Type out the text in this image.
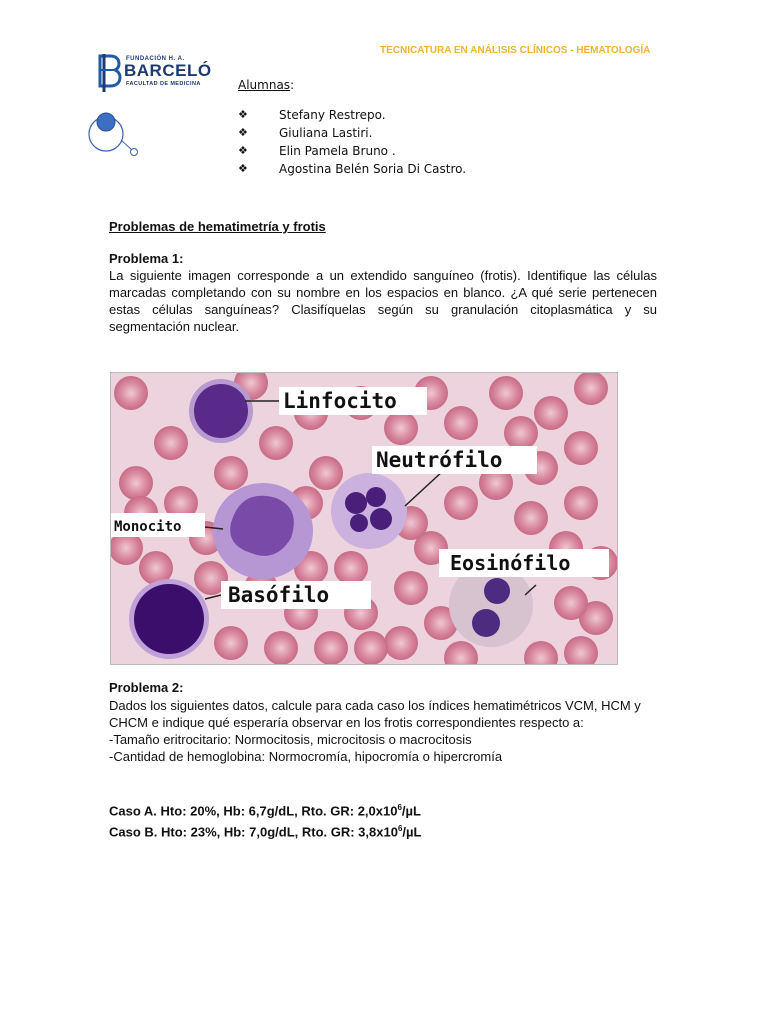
TECNICATURA EN ANÁLISIS CLÍNICOS - HEMATOLOGÍA
FUNDACIÓN H. A.
BARCELÓ
FACULTAD DE MEDICINA	Alumnas:
❖	Stefany Restrepo.
❖	Giuliana Lastiri.
❖	Elin Pamela Bruno .
❖	Agostina Belén Soria Di Castro.
Problemas de hematimetría y frotis
Problema 1:
La siguiente imagen corresponde a un extendido sanguíneo (frotis). Identifique las células marcadas completando con su nombre en los espacios en blanco. ¿A qué serie pertenecen estas células sanguíneas? Clasifíquelas según su granulación citoplasmática y su segmentación nuclear.
Linfocito
Neutrófilo
Monocito
Eosinófilo
Basófilo
Problema 2:

Dados los siguientes datos, calcule para cada caso los índices hematimétricos VCM, HCM y CHCM e indique qué esperaría observar en los frotis correspondientes respecto a:

-Tamaño eritrocitario: Normocitosis, microcitosis o macrocitosis

-Cantidad de hemoglobina: Normocromía, hipocromía o hipercromía

Caso A. Hto: 20%, Hb: 6,7g/dL, Rto. GR: $2,0x10^6/\mu L$
Caso B. Hto: 23%, Hb: 7,0g/dL, Rto. GR: $3,8x10^6/\mu L$
